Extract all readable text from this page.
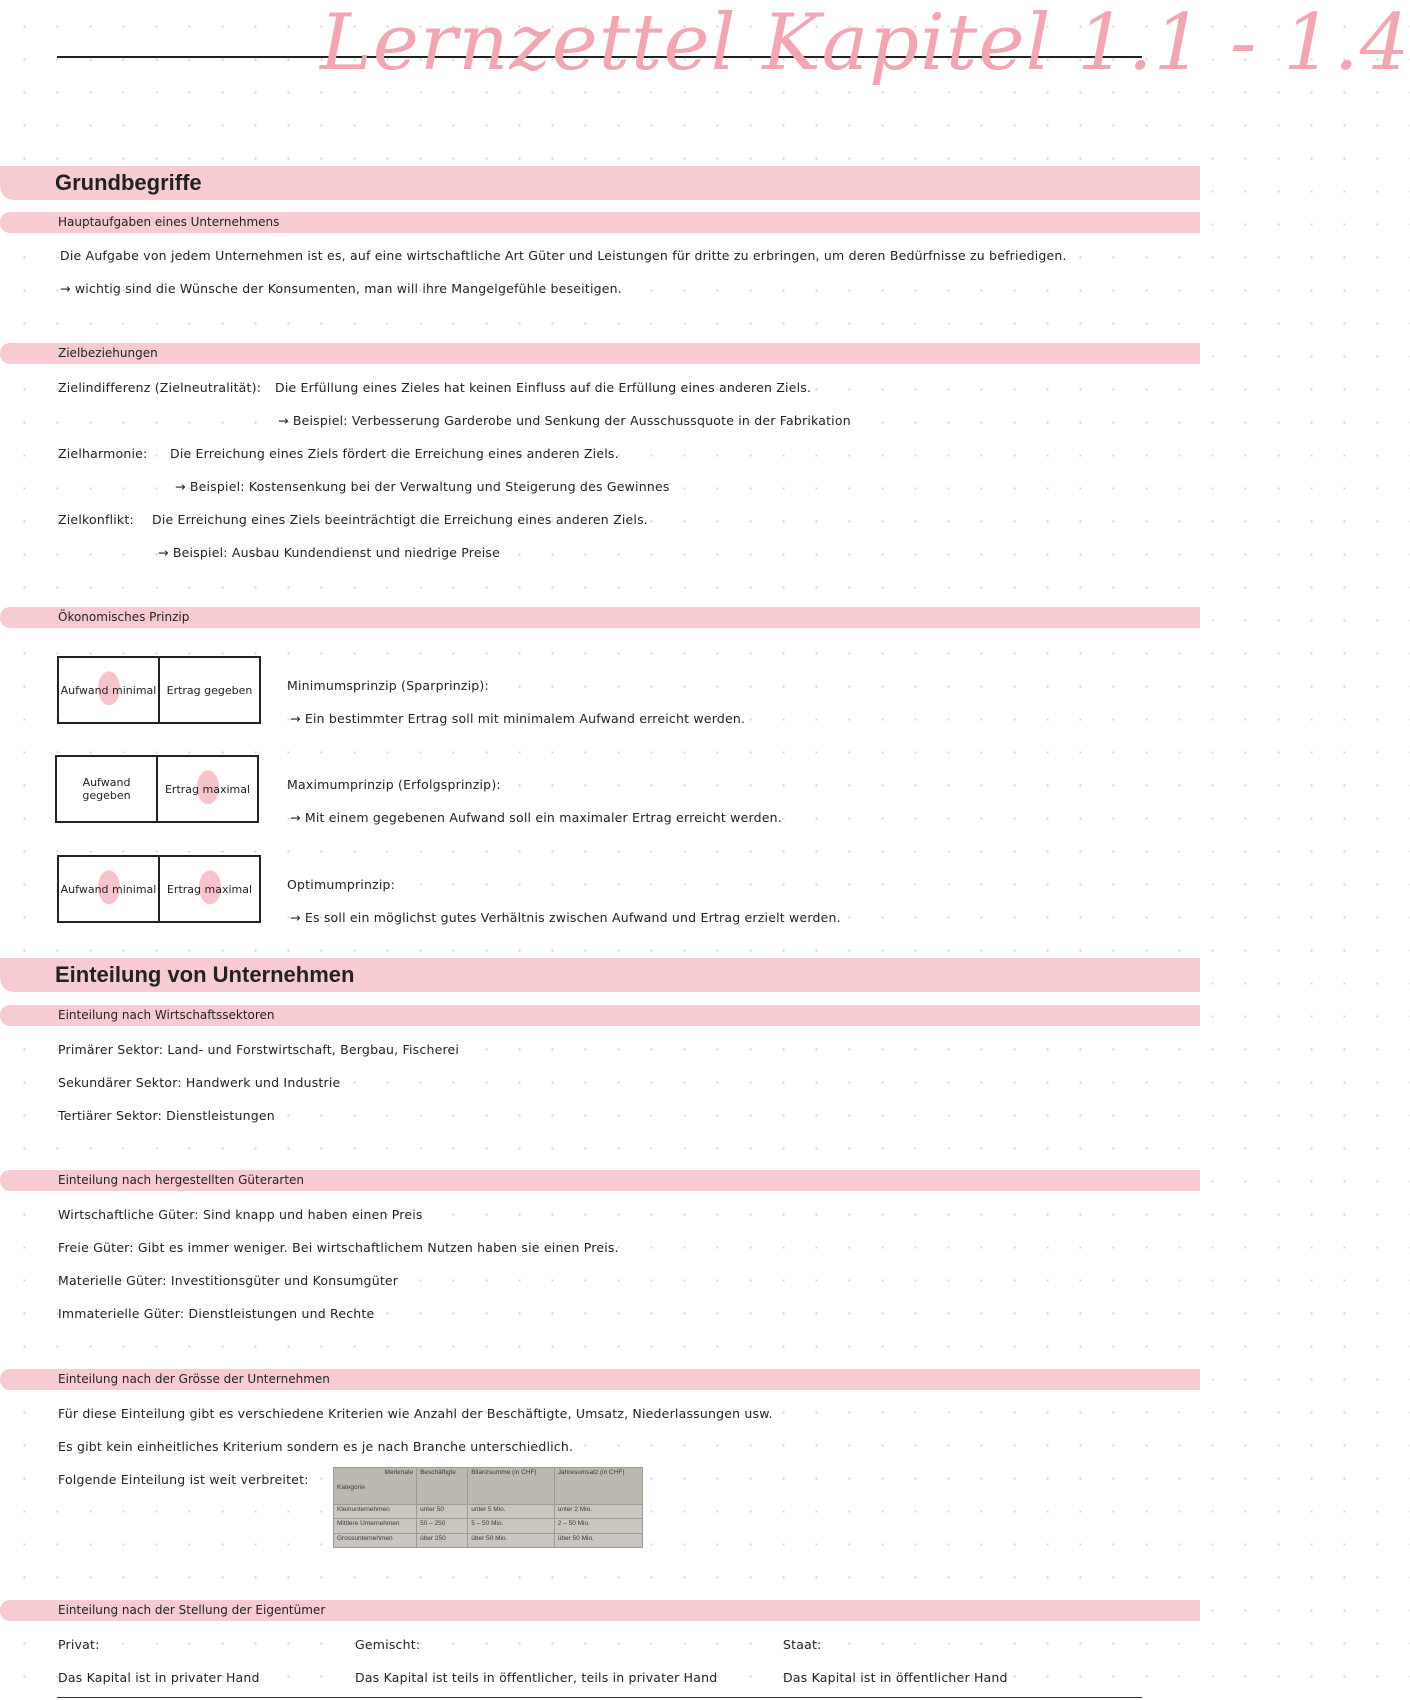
Lernzettel Kapitel 1.1 - 1.4
Grundbegriffe
Hauptaufgaben eines Unternehmens
Die Aufgabe von jedem Unternehmen ist es, auf eine wirtschaftliche Art Güter und Leistungen für dritte zu erbringen, um deren Bedürfnisse zu befriedigen.
→ wichtig sind die Wünsche der Konsumenten, man will ihre Mangelgefühle beseitigen.
Zielbeziehungen
Zielindifferenz (Zielneutralität): Die Erfüllung eines Zieles hat keinen Einfluss auf die Erfüllung eines anderen Ziels.
→ Beispiel: Verbesserung Garderobe und Senkung der Ausschussquote in der Fabrikation
Zielharmonie: Die Erreichung eines Ziels fördert die Erreichung eines anderen Ziels.
→ Beispiel: Kostensenkung bei der Verwaltung und Steigerung des Gewinnes
Zielkonflikt: Die Erreichung eines Ziels beeinträchtigt die Erreichung eines anderen Ziels.
→ Beispiel: Ausbau Kundendienst und niedrige Preise
Ökonomisches Prinzip
Aufwand minimal Ertrag gegeben	Minimumsprinzip (Sparprinzip):
→ Ein bestimmter Ertrag soll mit minimalem Aufwand erreicht werden.
Aufwand gegeben	Ertrag maximal	Maximumprinzip (Erfolgsprinzip):
→ Mit einem gegebenen Aufwand soll ein maximaler Ertrag erreicht werden.
Aufwand minimal Ertrag maximal	Optimumprinzip:
→ Es soll ein möglichst gutes Verhältnis zwischen Aufwand und Ertrag erzielt werden.
Einteilung von Unternehmen
Einteilung nach Wirtschaftssektoren
Primärer Sektor: Land- und Forstwirtschaft, Bergbau, Fischerei
Sekundärer Sektor: Handwerk und Industrie
Tertiärer Sektor: Dienstleistungen
Einteilung nach hergestellten Güterarten
Wirtschaftliche Güter: Sind knapp und haben einen Preis
Freie Güter: Gibt es immer weniger. Bei wirtschaftlichem Nutzen haben sie einen Preis.
Materielle Güter: Investitionsgüter und Konsumgüter
Immaterielle Güter: Dienstleistungen und Rechte
Einteilung nach der Grösse der Unternehmen
Für diese Einteilung gibt es verschiedene Kriterien wie Anzahl der Beschäftigte, Umsatz, Niederlassungen usw.
Es gibt kein einheitliches Kriterium sondern es je nach Branche unterschiedlich.
Folgende Einteilung ist weit verbreitet:	Merkmale
Kategorie	Beschäftigte	Bilanzsumme (in CHF)	Jahresumsatz (in CHF)
Kleinunternehmen	unter 50	unter 5 Mio.	unter 2 Mio.
Mittlere Unternehmen	50 – 250	5 – 50 Mio.	2 – 50 Mio.
Grossunternehmen	über 250	über 50 Mio.	über 50 Mio.
Einteilung nach der Stellung der Eigentümer
Privat:
Das Kapital ist in privater Hand
Gemischt:
Das Kapital ist teils in öffentlicher, teils in privater Hand
Staat:
Das Kapital ist in öffentlicher Hand
